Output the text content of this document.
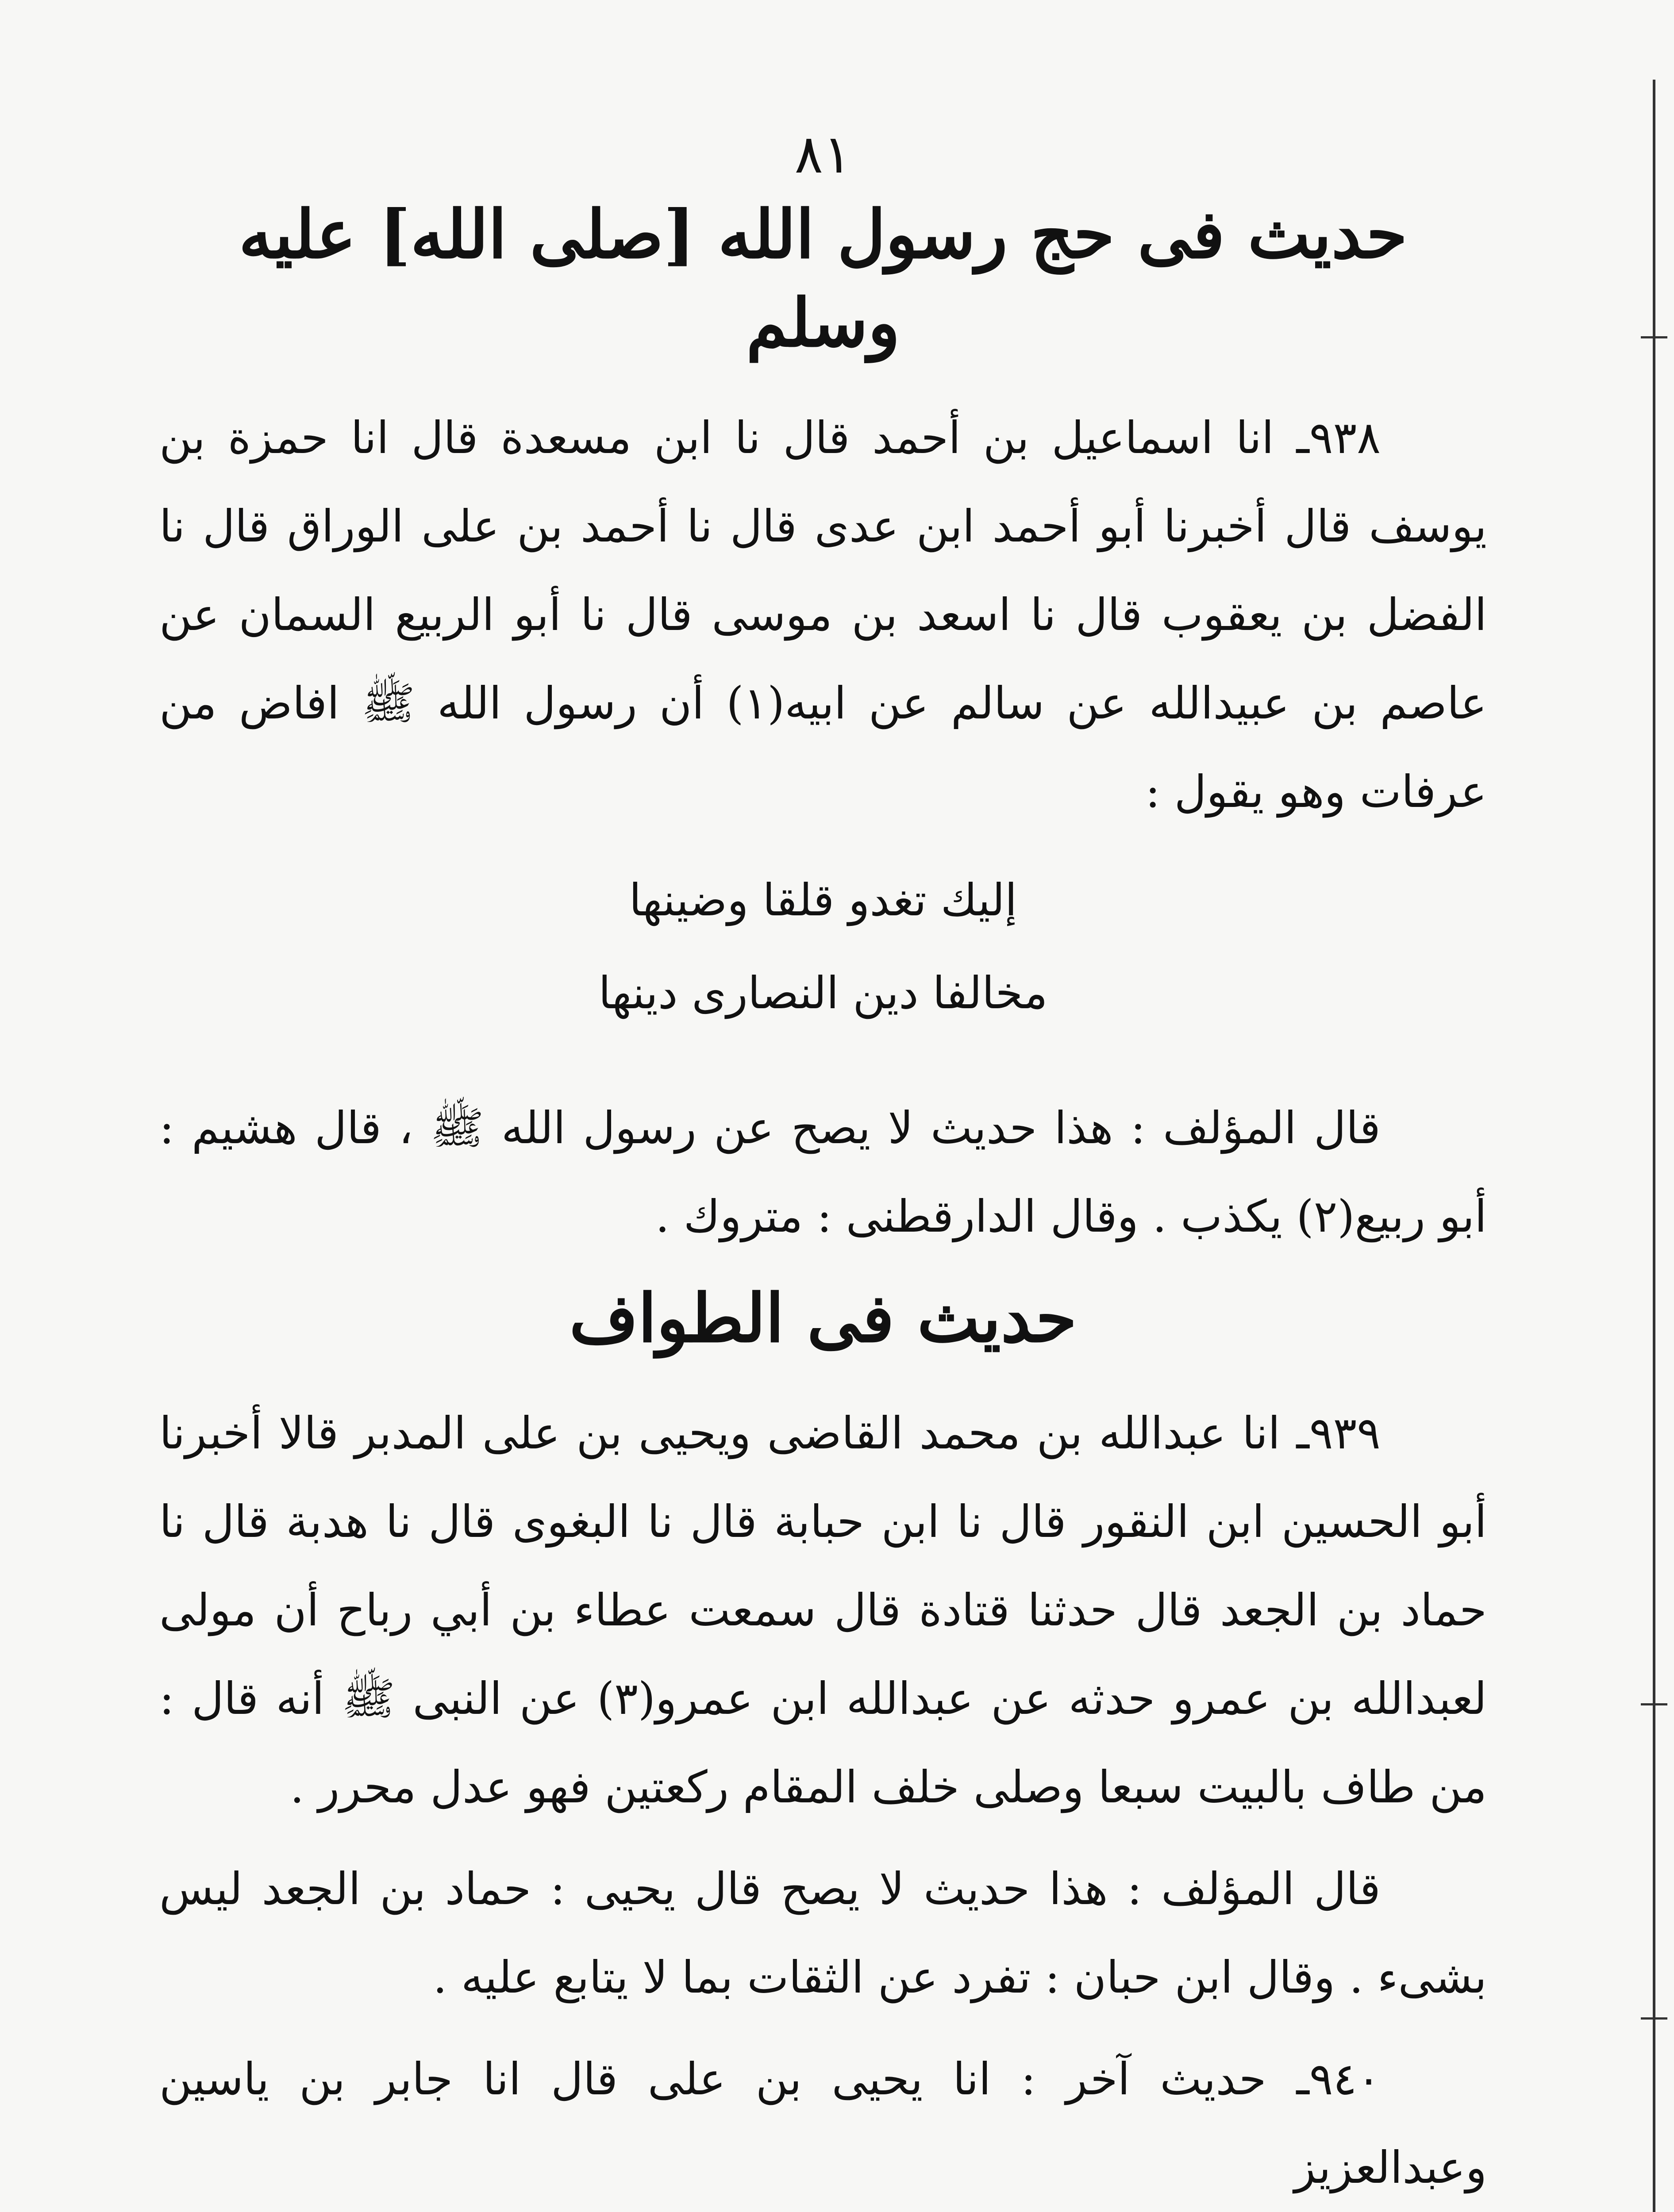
٨١
حديث فى حج رسول الله [صلى الله] عليه وسلم

٩٣٨ـ انا اسماعيل بن أحمد قال نا ابن مسعدة قال انا حمزة بن يوسف قال أخبرنا أبو أحمد ابن عدى قال نا أحمد بن على الوراق قال نا الفضل بن يعقوب قال نا اسعد بن موسى قال نا أبو الربيع السمان عن عاصم بن عبيدالله عن سالم عن ابيه(١) أن رسول الله ﷺ افاض من عرفات وهو يقول :

إليك تغدو قلقا وضينها
مخالفا دين النصارى دينها

قال المؤلف : هذا حديث لا يصح عن رسول الله ﷺ ، قال هشيم : أبو ربيع(٢) يكذب . وقال الدارقطنى : متروك .

حديث فى الطواف

٩٣٩ـ انا عبدالله بن محمد القاضى ويحيى بن على المدبر قالا أخبرنا أبو الحسين ابن النقور قال نا ابن حبابة قال نا البغوى قال نا هدبة قال نا حماد بن الجعد قال حدثنا قتادة قال سمعت عطاء بن أبي رباح أن مولى لعبدالله بن عمرو حدثه عن عبدالله ابن عمرو(٣) عن النبى ﷺ أنه قال : من طاف بالبيت سبعا وصلى خلف المقام ركعتين فهو عدل محرر .

قال المؤلف : هذا حديث لا يصح قال يحيى : حماد بن الجعد ليس بشىء . وقال ابن حبان : تفرد عن الثقات بما لا يتابع عليه .

٩٤٠ـ حديث آخر : انا يحيى بن على قال انا جابر بن ياسين وعبدالعزيز
